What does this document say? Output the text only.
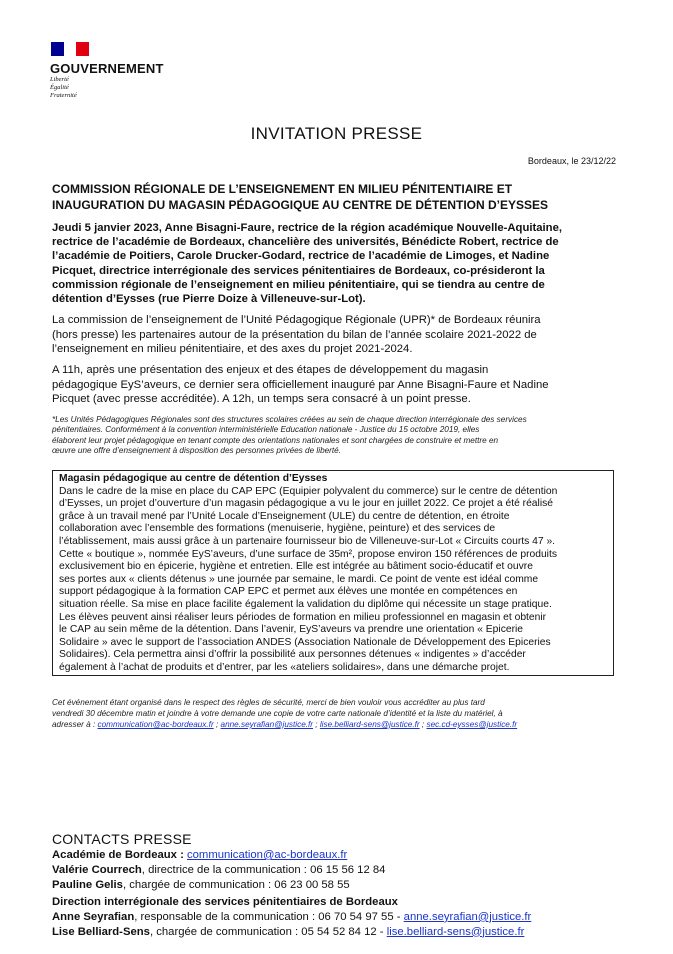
GOUVERNEMENT
Liberté
Égalité
Fraternité
INVITATION PRESSE
Bordeaux, le 23/12/22
COMMISSION RÉGIONALE DE L’ENSEIGNEMENT EN MILIEU PÉNITENTIAIRE ET
INAUGURATION DU MAGASIN PÉDAGOGIQUE AU CENTRE DE DÉTENTION D’EYSSES
Jeudi 5 janvier 2023, Anne Bisagni-Faure, rectrice de la région académique Nouvelle-Aquitaine,
rectrice de l’académie de Bordeaux, chancelière des universités, Bénédicte Robert, rectrice de
l’académie de Poitiers, Carole Drucker-Godard, rectrice de l’académie de Limoges, et Nadine
Picquet, directrice interrégionale des services pénitentiaires de Bordeaux, co-présideront la
commission régionale de l’enseignement en milieu pénitentiaire, qui se tiendra au centre de
détention d’Eysses (rue Pierre Doize à Villeneuve-sur-Lot).
La commission de l’enseignement de l’Unité Pédagogique Régionale (UPR)* de Bordeaux réunira
(hors presse) les partenaires autour de la présentation du bilan de l’année scolaire 2021-2022 de
l’enseignement en milieu pénitentiaire, et des axes du projet 2021-2024.
A 11h, après une présentation des enjeux et des étapes de développement du magasin
pédagogique EyS’aveurs, ce dernier sera officiellement inauguré par Anne Bisagni-Faure et Nadine
Picquet (avec presse accréditée). A 12h, un temps sera consacré à un point presse.
*Les Unités Pédagogiques Régionales sont des structures scolaires créées au sein de chaque direction interrégionale des services
pénitentiaires. Conformément à la convention interministérielle Education nationale - Justice du 15 octobre 2019, elles
élaborent leur projet pédagogique en tenant compte des orientations nationales et sont chargées de construire et mettre en
œuvre une offre d’enseignement à disposition des personnes privées de liberté.
Magasin pédagogique au centre de détention d’Eysses
Dans le cadre de la mise en place du CAP EPC (Equipier polyvalent du commerce) sur le centre de détention
d’Eysses, un projet d’ouverture d’un magasin pédagogique a vu le jour en juillet 2022. Ce projet a été réalisé
grâce à un travail mené par l’Unité Locale d’Enseignement (ULE) du centre de détention, en étroite
collaboration avec l’ensemble des formations (menuiserie, hygiène, peinture) et des services de
l’établissement, mais aussi grâce à un partenaire fournisseur bio de Villeneuve-sur-Lot « Circuits courts 47 ».
Cette « boutique », nommée EyS’aveurs, d’une surface de 35m², propose environ 150 références de produits
exclusivement bio en épicerie, hygiène et entretien. Elle est intégrée au bâtiment socio-éducatif et ouvre
ses portes aux « clients détenus » une journée par semaine, le mardi. Ce point de vente est idéal comme
support pédagogique à la formation CAP EPC et permet aux élèves une montée en compétences en
situation réelle. Sa mise en place facilite également la validation du diplôme qui nécessite un stage pratique.
Les élèves peuvent ainsi réaliser leurs périodes de formation en milieu professionnel en magasin et obtenir
le CAP au sein même de la détention. Dans l’avenir, EyS’aveurs va prendre une orientation « Epicerie
Solidaire » avec le support de l’association ANDES (Association Nationale de Développement des Epiceries
Solidaires). Cela permettra ainsi d’offrir la possibilité aux personnes détenues « indigentes » d’accéder
également à l’achat de produits et d’entrer, par les «ateliers solidaires», dans une démarche projet.
Cet événement étant organisé dans le respect des règles de sécurité, merci de bien vouloir vous accréditer au plus tard
vendredi 30 décembre matin et joindre à votre demande une copie de votre carte nationale d’identité et la liste du matériel, à
adresser à : communication@ac-bordeaux.fr ; anne.seyrafian@justice.fr ; lise.belliard-sens@justice.fr ; sec.cd-eysses@justice.fr
CONTACTS PRESSE
Académie de Bordeaux : communication@ac-bordeaux.fr
Valérie Courrech, directrice de la communication : 06 15 56 12 84
Pauline Gelis, chargée de communication : 06 23 00 58 55
Direction interrégionale des services pénitentiaires de Bordeaux
Anne Seyrafian, responsable de la communication : 06 70 54 97 55 - anne.seyrafian@justice.fr
Lise Belliard-Sens, chargée de communication : 05 54 52 84 12 - lise.belliard-sens@justice.fr
